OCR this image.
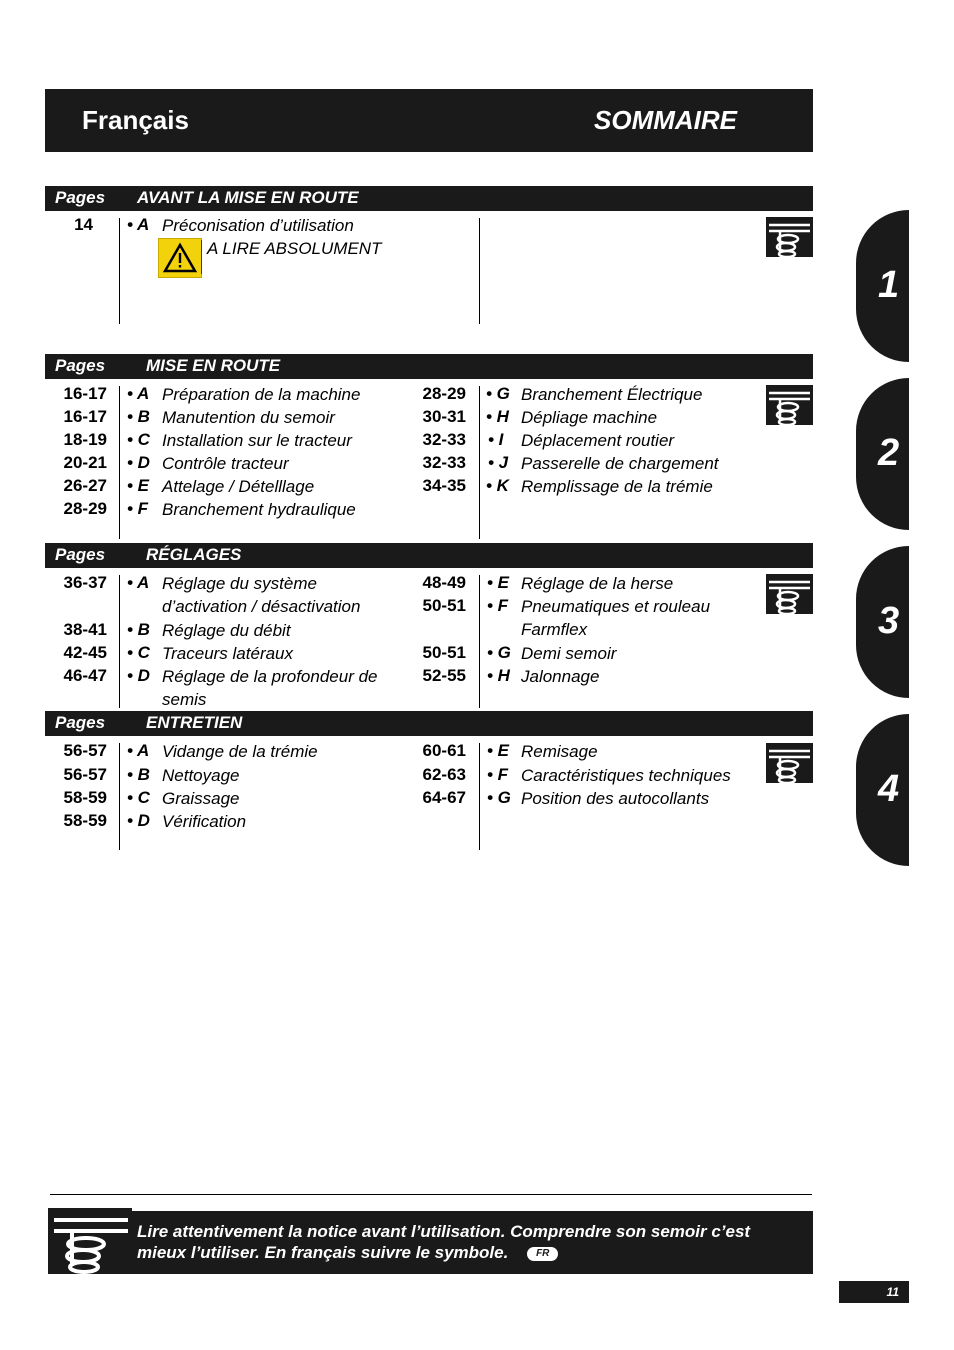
Français	SOMMAIRE
Pages AVANT LA MISE EN ROUTE
14 • A Préconisation d’utilisation
A LIRE ABSOLUMENT
Pages MISE EN ROUTE
16-17 • A Préparation de la machine
16-17 • B Manutention du semoir
18-19 • C Installation sur le tracteur
20-21 • D Contrôle tracteur
26-27 • E Attelage / Dételllage
28-29 • F Branchement hydraulique
28-29 • G Branchement Électrique
30-31 • H Dépliage machine
32-33 • I Déplacement routier
32-33 • J Passerelle de chargement
34-35 • K Remplissage de la trémie
Pages RÉGLAGES
36-37 • A Réglage du système
d’activation / désactivation
38-41 • B Réglage du débit
42-45 • C Traceurs latéraux
46-47 • D Réglage de la profondeur de
semis
48-49 • E Réglage de la herse
50-51 • F Pneumatiques et rouleau
Farmflex
50-51 • G Demi semoir
52-55 • H Jalonnage
Pages ENTRETIEN
56-57 • A Vidange de la trémie
56-57 • B Nettoyage
58-59 • C Graissage
58-59 • D Vérification
60-61 • E Remisage
62-63 • F Caractéristiques techniques
64-67 • G Position des autocollants
1
2
3
4
Lire attentivement la notice avant l’utilisation. Comprendre son semoir c’est
mieux l’utiliser. En français suivre le symbole.	FR
11
